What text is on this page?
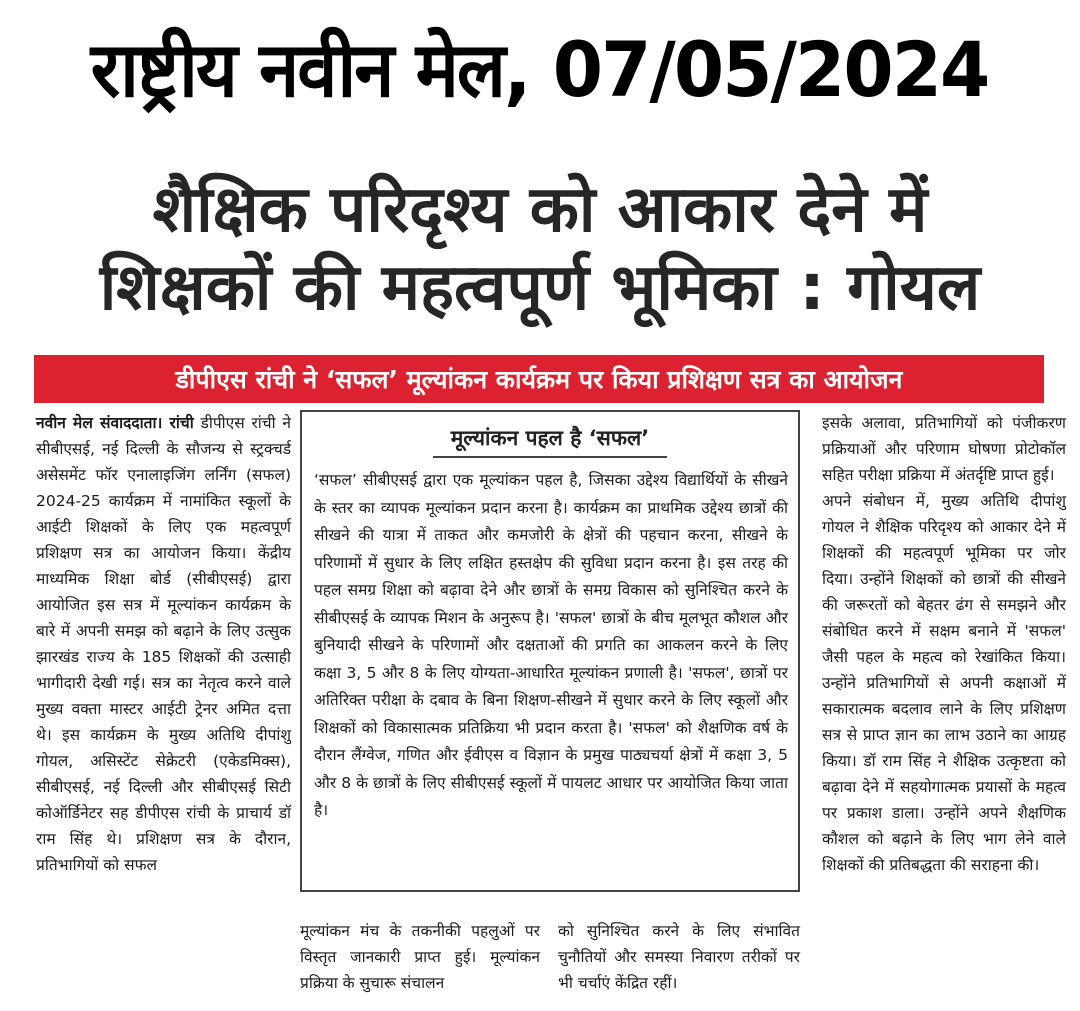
राष्ट्रीय नवीन मेल, 07/05/2024
शैक्षिक परिदृश्य को आकार देने में
शिक्षकों की महत्वपूर्ण भूमिका : गोयल
डीपीएस रांची ने ‘सफल’ मूल्यांकन कार्यक्रम पर किया प्रशिक्षण सत्र का आयोजन

नवीन मेल संवाददाता। रांची डीपीएस रांची ने सीबीएसई, नई दिल्ली के सौजन्य से स्ट्रक्चर्ड असेसमेंट फॉर एनालाइजिंग लर्निंग (सफल) 2024-25 कार्यक्रम में नामांकित स्कूलों के आईटी शिक्षकों के लिए एक महत्वपूर्ण प्रशिक्षण सत्र का आयोजन किया। केंद्रीय माध्यमिक शिक्षा बोर्ड (सीबीएसई) द्वारा आयोजित इस सत्र में मूल्यांकन कार्यक्रम के बारे में अपनी समझ को बढ़ाने के लिए उत्सुक झारखंड राज्य के 185 शिक्षकों की उत्साही भागीदारी देखी गई। सत्र का नेतृत्व करने वाले मुख्य वक्ता मास्टर आईटी ट्रेनर अमित दत्ता थे। इस कार्यक्रम के मुख्य अतिथि दीपांशु गोयल, असिस्टेंट सेक्रेटरी (एकेडमिक्स), सीबीएसई, नई दिल्ली और सीबीएसई सिटी कोऑर्डिनेटर सह डीपीएस रांची के प्राचार्य डॉ राम सिंह थे। प्रशिक्षण सत्र के दौरान, प्रतिभागियों को सफल

मूल्यांकन पहल है ‘सफल’

‘सफल’ सीबीएसई द्वारा एक मूल्यांकन पहल है, जिसका उद्देश्य विद्यार्थियों के सीखने के स्तर का व्यापक मूल्यांकन प्रदान करना है। कार्यक्रम का प्राथमिक उद्देश्य छात्रों की सीखने की यात्रा में ताकत और कमजोरी के क्षेत्रों की पहचान करना, सीखने के परिणामों में सुधार के लिए लक्षित हस्तक्षेप की सुविधा प्रदान करना है। इस तरह की पहल समग्र शिक्षा को बढ़ावा देने और छात्रों के समग्र विकास को सुनिश्चित करने के सीबीएसई के व्यापक मिशन के अनुरूप है। 'सफल' छात्रों के बीच मूलभूत कौशल और बुनियादी सीखने के परिणामों और दक्षताओं की प्रगति का आकलन करने के लिए कक्षा 3, 5 और 8 के लिए योग्यता-आधारित मूल्यांकन प्रणाली है। 'सफल', छात्रों पर अतिरिक्त परीक्षा के दबाव के बिना शिक्षण-सीखने में सुधार करने के लिए स्कूलों और शिक्षकों को विकासात्मक प्रतिक्रिया भी प्रदान करता है। 'सफल' को शैक्षणिक वर्ष के दौरान लैंग्वेज, गणित और ईवीएस व विज्ञान के प्रमुख पाठ्यचर्या क्षेत्रों में कक्षा 3, 5 और 8 के छात्रों के लिए सीबीएसई स्कूलों में पायलट आधार पर आयोजित किया जाता है।

मूल्यांकन मंच के तकनीकी पहलुओं पर विस्तृत जानकारी प्राप्त हुई। मूल्यांकन प्रक्रिया के सुचारू संचालन

को सुनिश्चित करने के लिए संभावित चुनौतियों और समस्या निवारण तरीकों पर भी चर्चाएं केंद्रित रहीं।

इसके अलावा, प्रतिभागियों को पंजीकरण प्रक्रियाओं और परिणाम घोषणा प्रोटोकॉल सहित परीक्षा प्रक्रिया में अंतर्दृष्टि प्राप्त हुई।

अपने संबोधन में, मुख्य अतिथि दीपांशु गोयल ने शैक्षिक परिदृश्य को आकार देने में शिक्षकों की महत्वपूर्ण भूमिका पर जोर दिया। उन्होंने शिक्षकों को छात्रों की सीखने की जरूरतों को बेहतर ढंग से समझने और संबोधित करने में सक्षम बनाने में 'सफल' जैसी पहल के महत्व को रेखांकित किया। उन्होंने प्रतिभागियों से अपनी कक्षाओं में सकारात्मक बदलाव लाने के लिए प्रशिक्षण सत्र से प्राप्त ज्ञान का लाभ उठाने का आग्रह किया। डॉ राम सिंह ने शैक्षिक उत्कृष्टता को बढ़ावा देने में सहयोगात्मक प्रयासों के महत्व पर प्रकाश डाला। उन्होंने अपने शैक्षणिक कौशल को बढ़ाने के लिए भाग लेने वाले शिक्षकों की प्रतिबद्धता की सराहना की।
